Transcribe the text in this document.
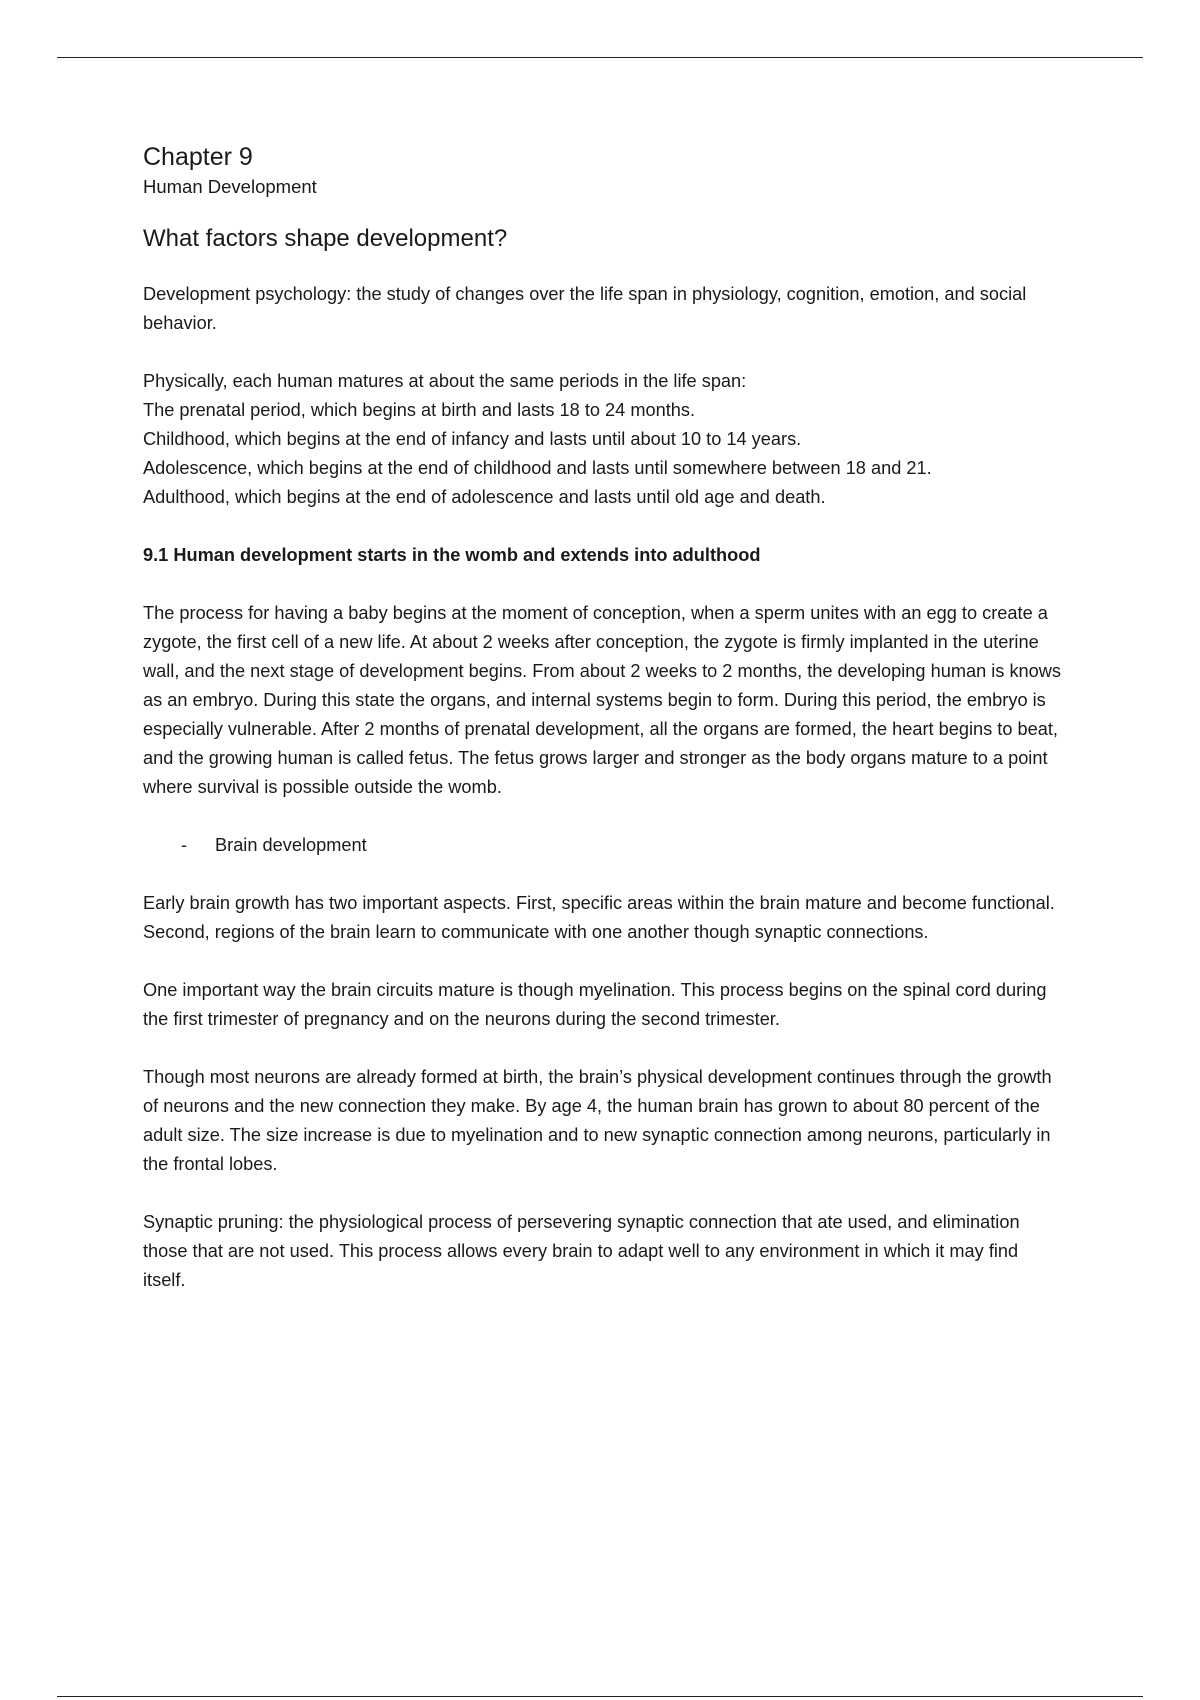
Chapter 9
Human Development
What factors shape development?

Development psychology: the study of changes over the life span in physiology, cognition, emotion, and social behavior.

Physically, each human matures at about the same periods in the life span:
The prenatal period, which begins at birth and lasts 18 to 24 months.
Childhood, which begins at the end of infancy and lasts until about 10 to 14 years.
Adolescence, which begins at the end of childhood and lasts until somewhere between 18 and 21.
Adulthood, which begins at the end of adolescence and lasts until old age and death.

9.1 Human development starts in the womb and extends into adulthood

The process for having a baby begins at the moment of conception, when a sperm unites with an egg to create a zygote, the first cell of a new life. At about 2 weeks after conception, the zygote is firmly implanted in the uterine wall, and the next stage of development begins. From about 2 weeks to 2 months, the developing human is knows as an embryo. During this state the organs, and internal systems begin to form. During this period, the embryo is especially vulnerable. After 2 months of prenatal development, all the organs are formed, the heart begins to beat, and the growing human is called fetus. The fetus grows larger and stronger as the body organs mature to a point where survival is possible outside the womb.

-	Brain development

Early brain growth has two important aspects. First, specific areas within the brain mature and become functional. Second, regions of the brain learn to communicate with one another though synaptic connections.

One important way the brain circuits mature is though myelination. This process begins on the spinal cord during the first trimester of pregnancy and on the neurons during the second trimester.

Though most neurons are already formed at birth, the brain’s physical development continues through the growth of neurons and the new connection they make. By age 4, the human brain has grown to about 80 percent of the adult size. The size increase is due to myelination and to new synaptic connection among neurons, particularly in the frontal lobes.

Synaptic pruning: the physiological process of persevering synaptic connection that ate used, and elimination those that are not used. This process allows every brain to adapt well to any environment in which it may find itself.
